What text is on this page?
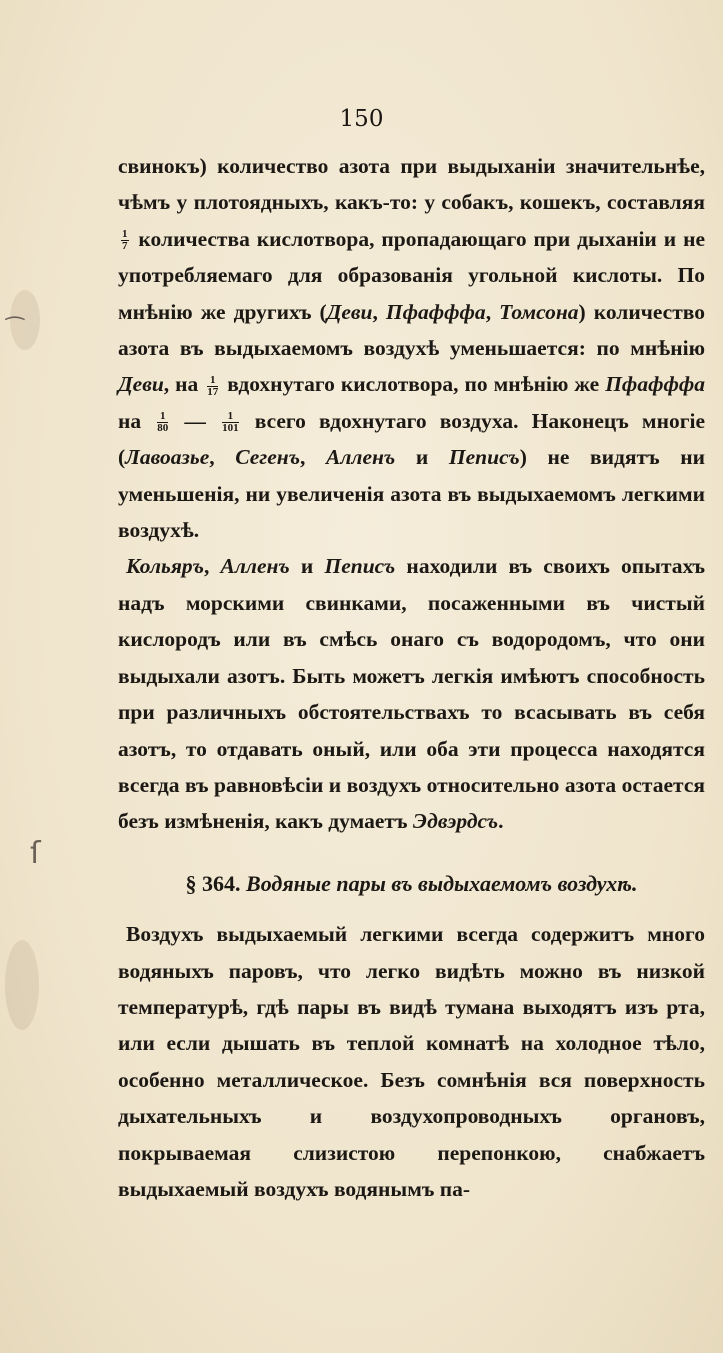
⁀
ſ
150

свинокъ) количество азота при выдыханіи значительнѣе, чѣмъ у плотоядныхъ, какъ-то: у собакъ, кошекъ, составляя
$\frac{1}{7}$ количества кислотвора, пропадающаго при дыханіи и не употребляемаго для образованія угольной кислоты. По мнѣнію же другихъ (Деви, Пфафффа, Томсона) количество азота въ выдыхаемомъ воздухѣ уменьшается: по мнѣнію Деви, на $\frac{1}{17}$ вдохнутаго кислотвора, по мнѣнію же Пфафффа на $\frac{1}{80}$ — $\frac{1}{101}$ всего вдохнутаго воздуха. Наконецъ многіе (Лавоазье, Сегенъ, Алленъ и Пеписъ) не видятъ ни уменьшенія, ни увеличенія азота въ выдыхаемомъ легкими воздухѣ.

Кольяръ, Алленъ и Пеписъ находили въ своихъ опытахъ надъ морскими свинками, посаженными въ чистый кислородъ или въ смѣсь онаго съ водородомъ, что они выдыхали азотъ. Быть можетъ легкія имѣютъ способность при различныхъ обстоятельствахъ то всасывать въ себя азотъ, то отдавать оный, или оба эти процесса находятся всегда въ равновѣсіи и воздухъ относительно азота остается безъ измѣненія, какъ думаетъ Эдвэрдсъ.

§ 364. Водяные пары въ выдыхаемомъ воздухѣ.

Воздухъ выдыхаемый легкими всегда содержитъ много водяныхъ паровъ, что легко видѣть можно въ низкой температурѣ, гдѣ пары въ видѣ тумана выходятъ изъ рта, или если дышать въ теплой комнатѣ на холодное тѣло, особенно металлическое. Безъ сомнѣнія вся поверхность дыхательныхъ и воздухопроводныхъ органовъ, покрываемая слизистою перепонкою, снабжаетъ выдыхаемый воздухъ водянымъ па-
